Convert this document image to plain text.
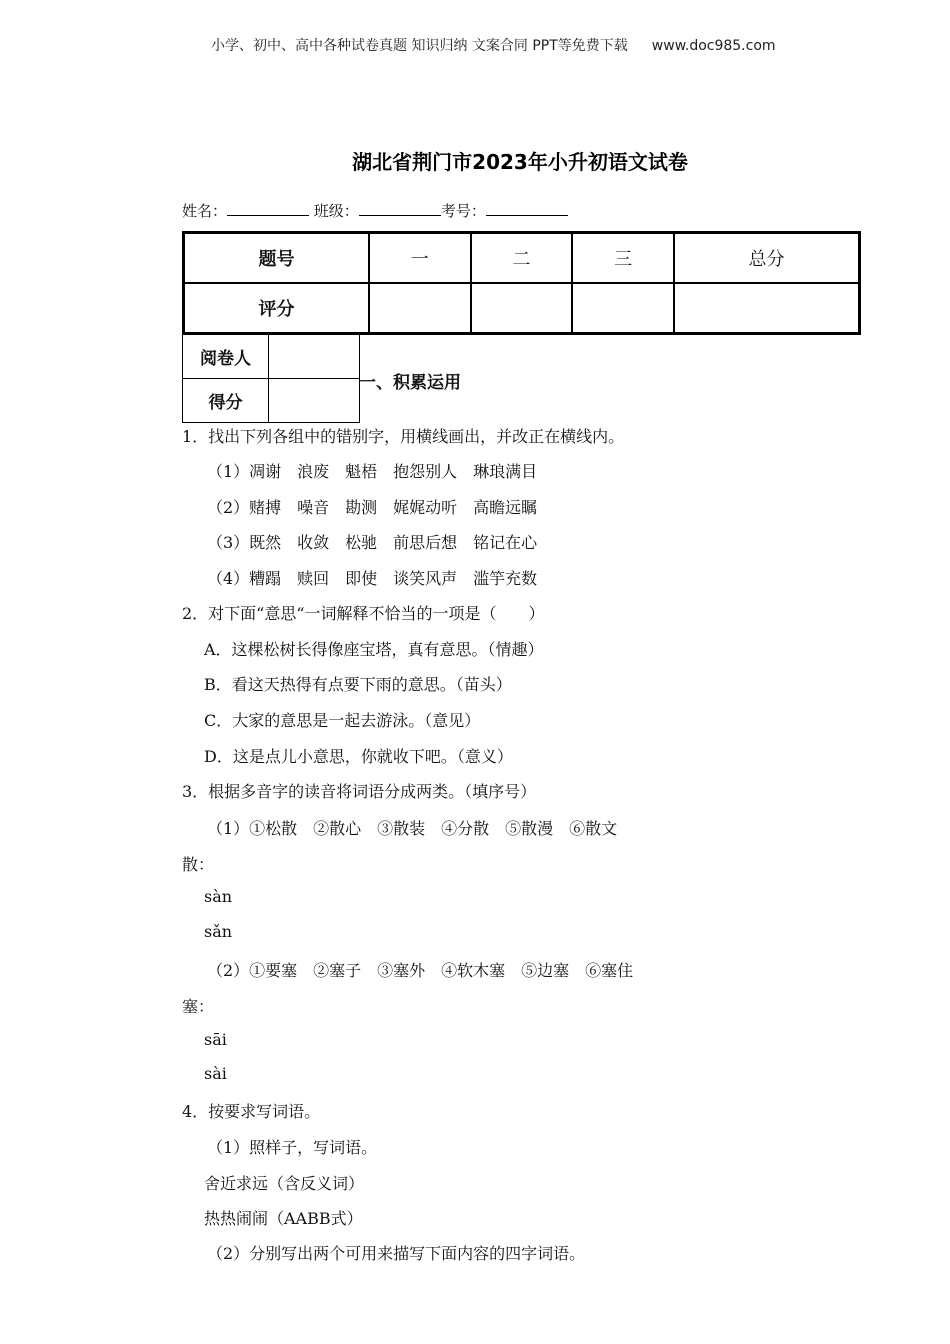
小学、初中、高中各种试卷真题 知识归纳 文案合同 PPT等免费下载 www.doc985.com
湖北省荆门市2023年小升初语文试卷
姓名：	班级：	考号：
题号	一	二	三	总分
评分				
阅卷人	
得分	
一、积累运用
1．找出下列各组中的错别字，用横线画出，并改正在横线内。
（1）凋谢　浪废　魁梧　抱怨别人　琳琅满目
（2）赌搏　噪音　勘测　娓娓动听　高瞻远瞩
（3）既然　收敛　松驰　前思后想　铭记在心
（4）糟蹋　赎回　即使　谈笑风声　滥竽充数
2．对下面“意思“一词解释不恰当的一项是（　　）
A．这棵松树长得像座宝塔，真有意思。（情趣）
B．看这天热得有点要下雨的意思。（苗头）
C．大家的意思是一起去游泳。（意见）
D．这是点儿小意思，你就收下吧。（意义）
3．根据多音字的读音将词语分成两类。（填序号）
（1）①松散　②散心　③散装　④分散　⑤散漫　⑥散文
散：
sàn
sǎn
（2）①要塞　②塞子　③塞外　④软木塞　⑤边塞　⑥塞住
塞：
sāi
sài
4．按要求写词语。
（1）照样子，写词语。
舍近求远（含反义词）
热热闹闹（AABB式）
（2）分别写出两个可用来描写下面内容的四字词语。
